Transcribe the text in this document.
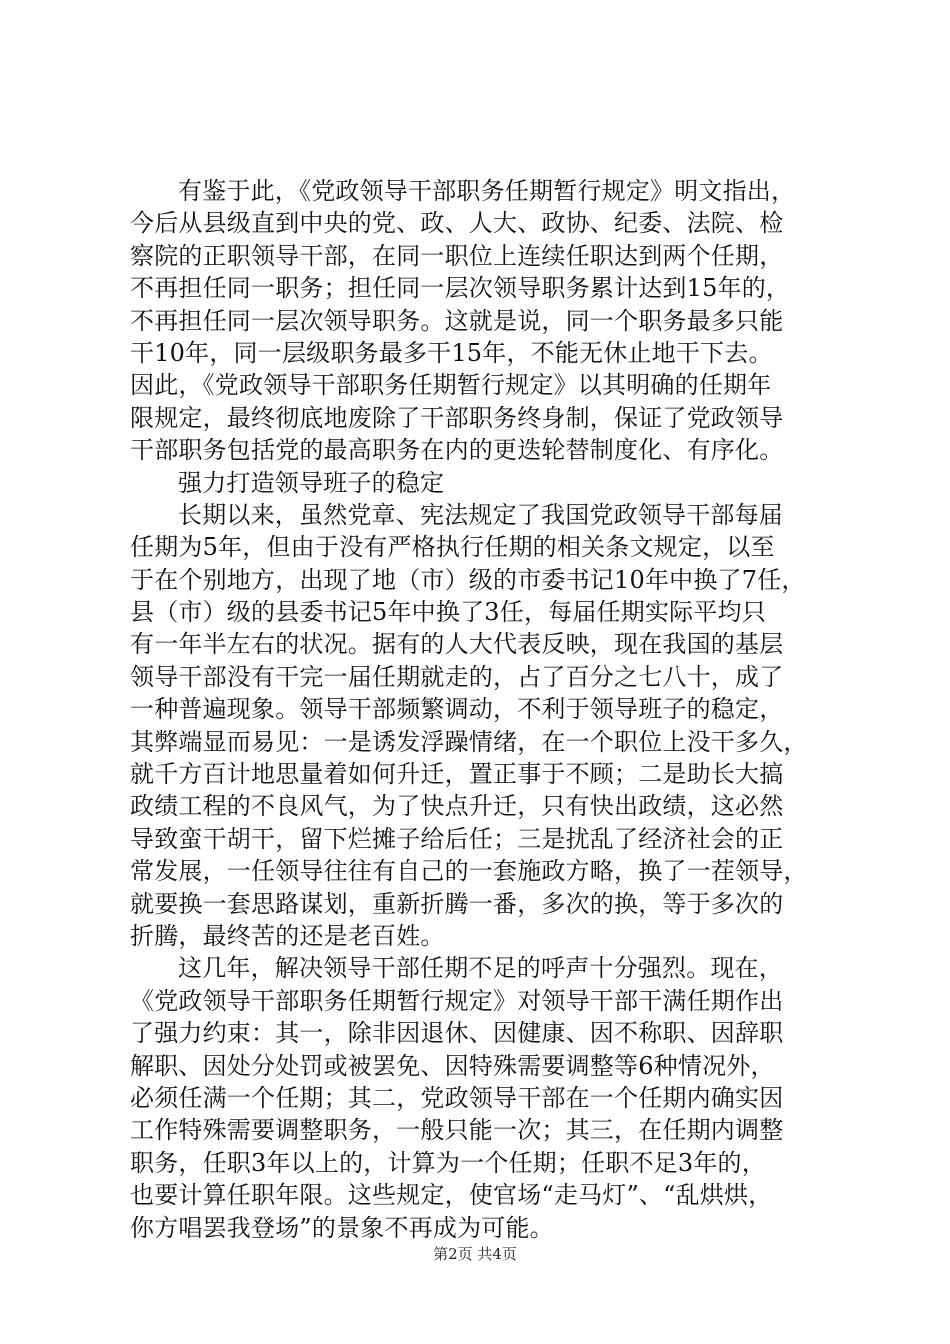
有鉴于此，《党政领导干部职务任期暂行规定》明文指出，
今后从县级直到中央的党、政、人大、政协、纪委、法院、检
察院的正职领导干部，在同一职位上连续任职达到两个任期，
不再担任同一职务；担任同一层次领导职务累计达到15年的，
不再担任同一层次领导职务。这就是说，同一个职务最多只能
干10年，同一层级职务最多干15年，不能无休止地干下去。
因此，《党政领导干部职务任期暂行规定》以其明确的任期年
限规定，最终彻底地废除了干部职务终身制，保证了党政领导
干部职务包括党的最高职务在内的更迭轮替制度化、有序化。
强力打造领导班子的稳定
长期以来，虽然党章、宪法规定了我国党政领导干部每届
任期为5年，但由于没有严格执行任期的相关条文规定，以至
于在个别地方，出现了地（市）级的市委书记10年中换了7任，
县（市）级的县委书记5年中换了3任，每届任期实际平均只
有一年半左右的状况。据有的人大代表反映，现在我国的基层
领导干部没有干完一届任期就走的，占了百分之七八十，成了
一种普遍现象。领导干部频繁调动，不利于领导班子的稳定，
其弊端显而易见：一是诱发浮躁情绪，在一个职位上没干多久，
就千方百计地思量着如何升迁，置正事于不顾；二是助长大搞
政绩工程的不良风气，为了快点升迁，只有快出政绩，这必然
导致蛮干胡干，留下烂摊子给后任；三是扰乱了经济社会的正
常发展，一任领导往往有自己的一套施政方略，换了一茬领导，
就要换一套思路谋划，重新折腾一番，多次的换，等于多次的
折腾，最终苦的还是老百姓。
这几年，解决领导干部任期不足的呼声十分强烈。现在，
《党政领导干部职务任期暂行规定》对领导干部干满任期作出
了强力约束：其一，除非因退休、因健康、因不称职、因辞职
解职、因处分处罚或被罢免、因特殊需要调整等6种情况外，
必须任满一个任期；其二，党政领导干部在一个任期内确实因
工作特殊需要调整职务，一般只能一次；其三，在任期内调整
职务，任职3年以上的，计算为一个任期；任职不足3年的，
也要计算任职年限。这些规定，使官场“走马灯”、“乱烘烘，
你方唱罢我登场”的景象不再成为可能。
第2页 共4页
